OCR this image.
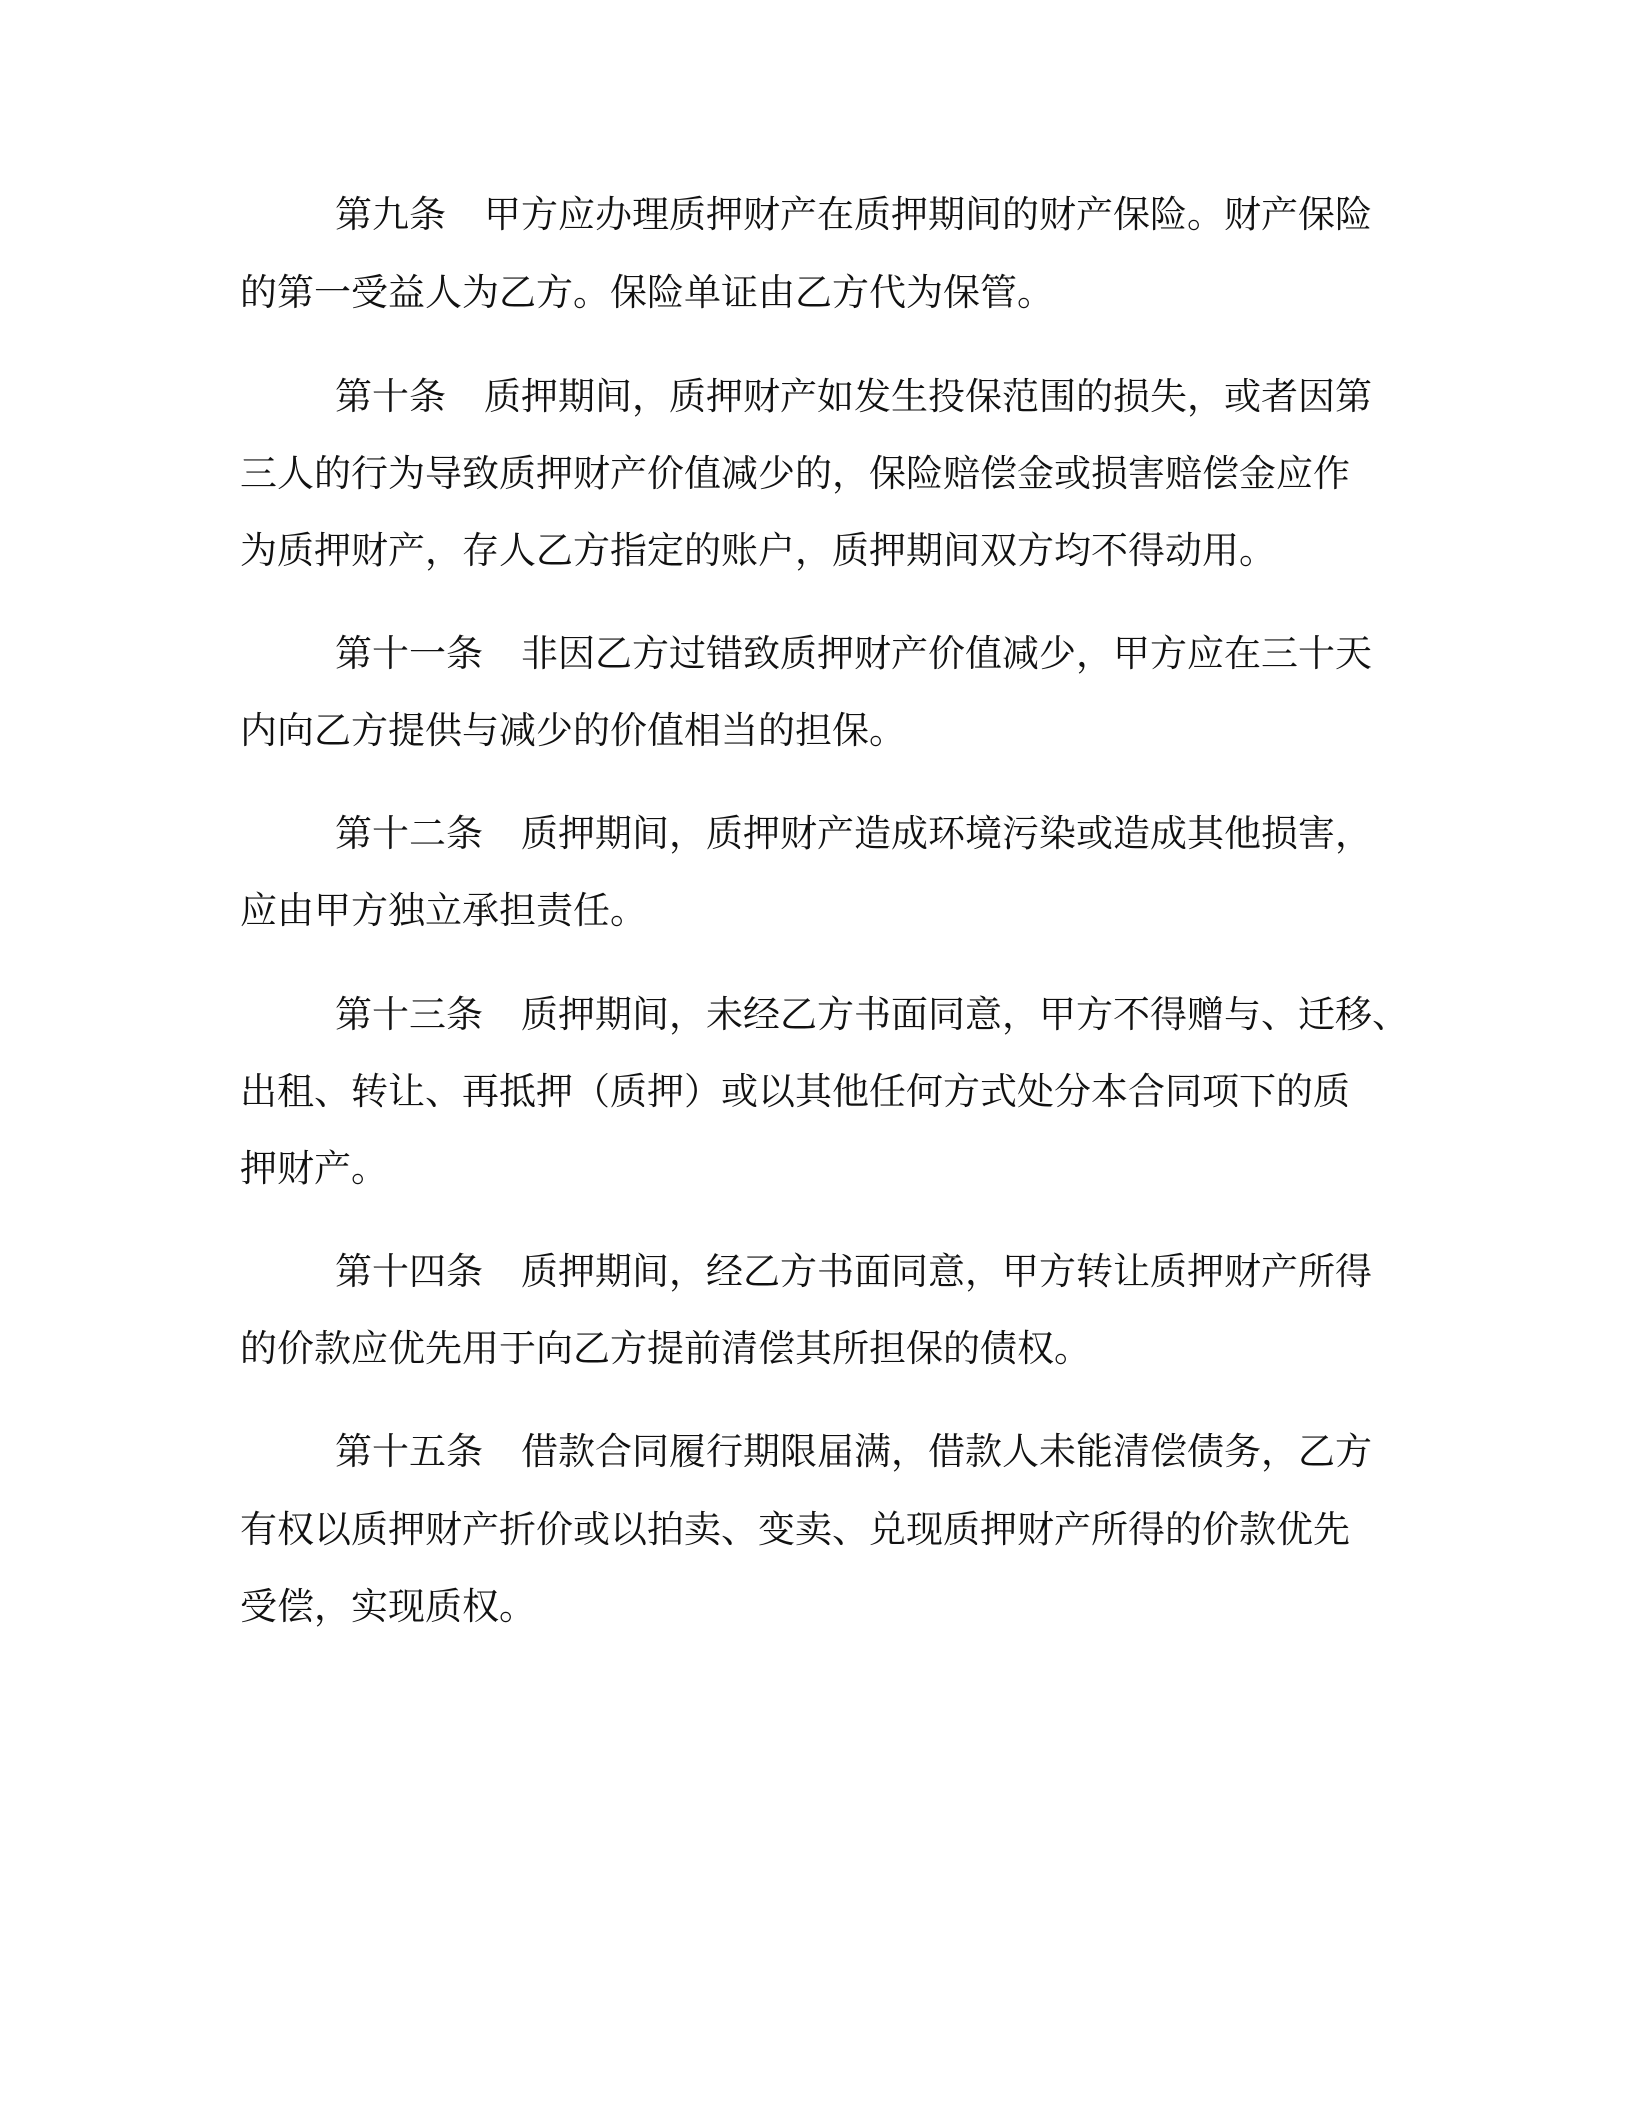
第九条 甲方应办理质押财产在质押期间的财产保险。财产保险

的第一受益人为乙方。保险单证由乙方代为保管。

第十条 质押期间，质押财产如发生投保范围的损失，或者因第

三人的行为导致质押财产价值减少的，保险赔偿金或损害赔偿金应作

为质押财产，存人乙方指定的账户，质押期间双方均不得动用。

第十一条 非因乙方过错致质押财产价值减少，甲方应在三十天

内向乙方提供与减少的价值相当的担保。

第十二条 质押期间，质押财产造成环境污染或造成其他损害，

应由甲方独立承担责任。

第十三条 质押期间，未经乙方书面同意，甲方不得赠与、迁移、

出租、转让、再抵押（质押）或以其他任何方式处分本合同项下的质

押财产。

第十四条 质押期间，经乙方书面同意，甲方转让质押财产所得

的价款应优先用于向乙方提前清偿其所担保的债权。

第十五条 借款合同履行期限届满，借款人未能清偿债务，乙方

有权以质押财产折价或以拍卖、变卖、兑现质押财产所得的价款优先

受偿，实现质权。
